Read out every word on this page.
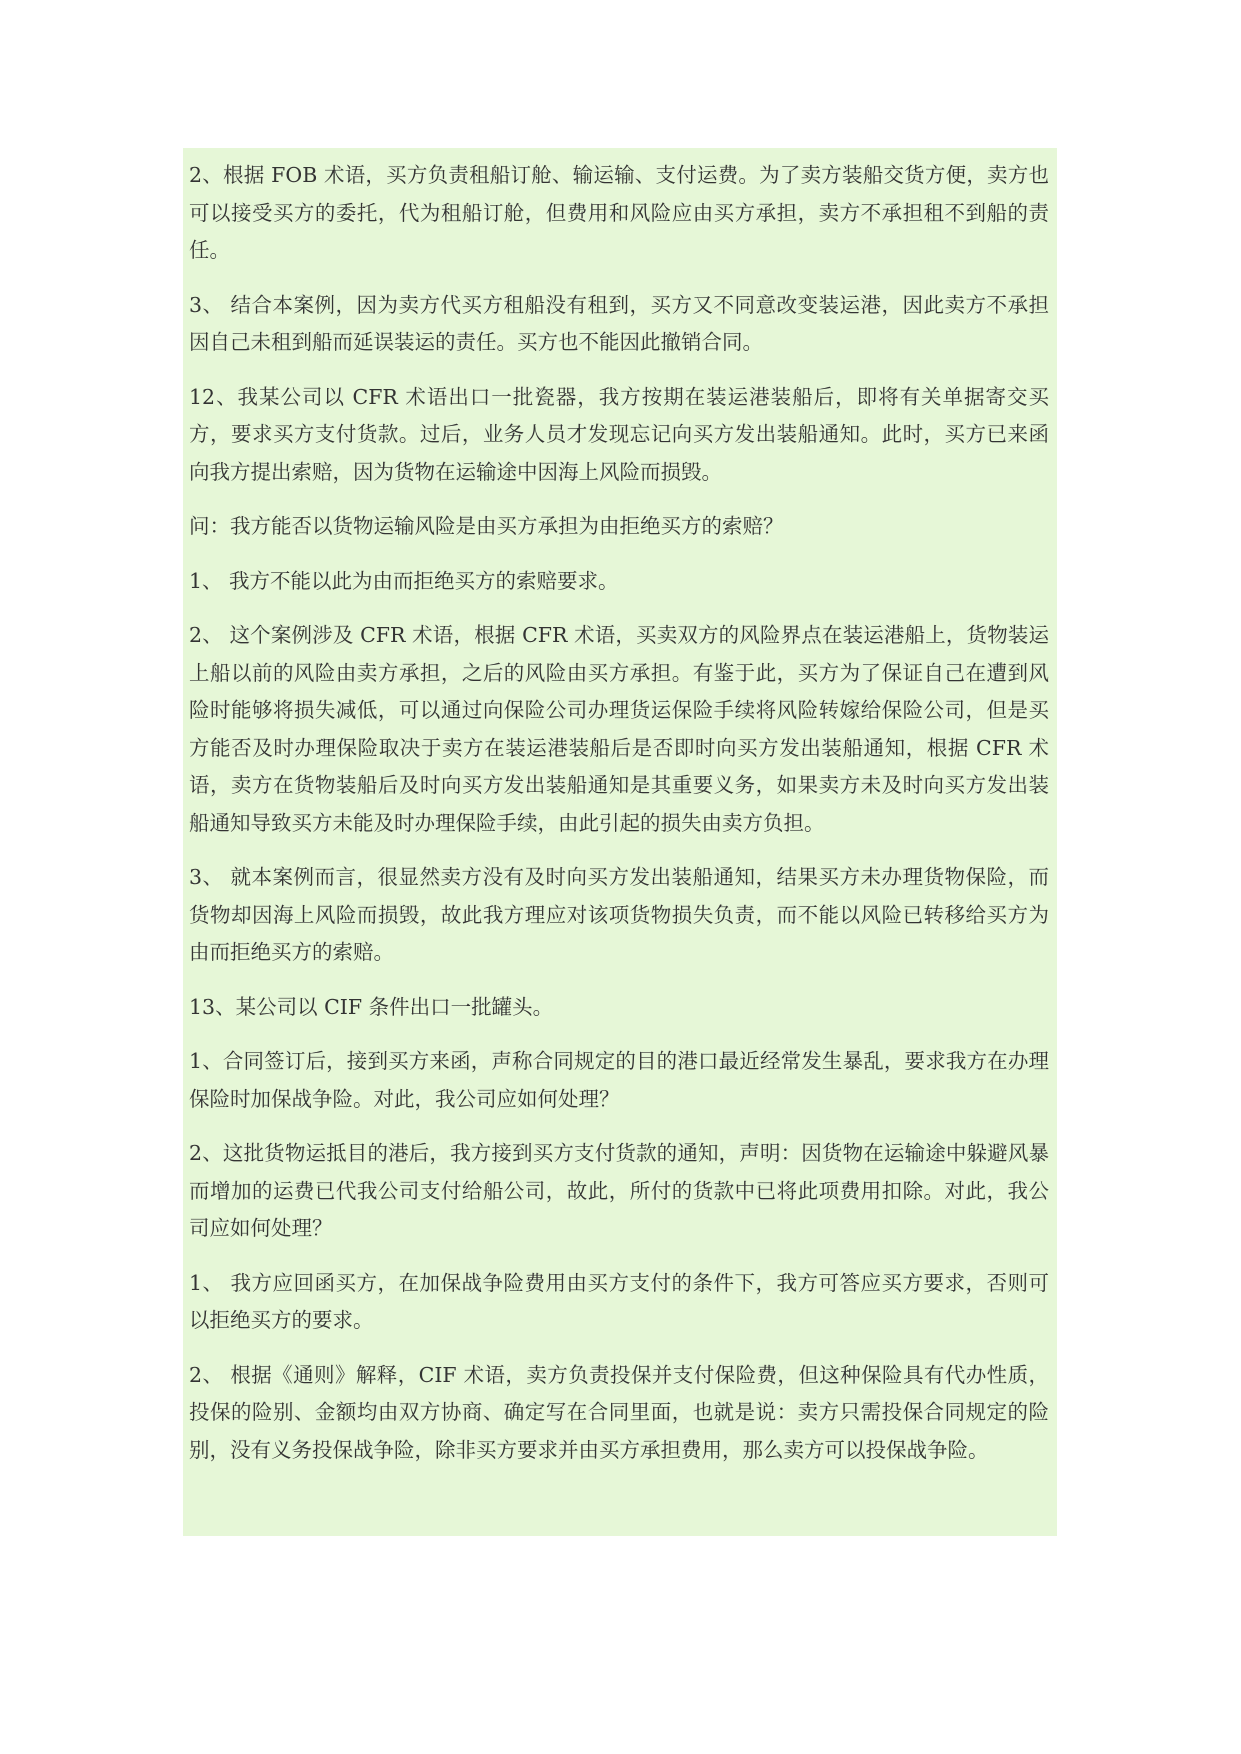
2、根据 FOB 术语，买方负责租船订舱、输运输、支付运费。为了卖方装船交货方便，卖方也可以接受买方的委托，代为租船订舱，但费用和风险应由买方承担，卖方不承担租不到船的责任。

3、 结合本案例，因为卖方代买方租船没有租到，买方又不同意改变装运港，因此卖方不承担因自己未租到船而延误装运的责任。买方也不能因此撤销合同。

12、我某公司以 CFR 术语出口一批瓷器，我方按期在装运港装船后，即将有关单据寄交买方，要求买方支付货款。过后，业务人员才发现忘记向买方发出装船通知。此时，买方已来函向我方提出索赔，因为货物在运输途中因海上风险而损毁。

问：我方能否以货物运输风险是由买方承担为由拒绝买方的索赔？

1、 我方不能以此为由而拒绝买方的索赔要求。

2、 这个案例涉及 CFR 术语，根据 CFR 术语，买卖双方的风险界点在装运港船上，货物装运上船以前的风险由卖方承担，之后的风险由买方承担。有鉴于此，买方为了保证自己在遭到风险时能够将损失减低，可以通过向保险公司办理货运保险手续将风险转嫁给保险公司，但是买方能否及时办理保险取决于卖方在装运港装船后是否即时向买方发出装船通知，根据 CFR 术语，卖方在货物装船后及时向买方发出装船通知是其重要义务，如果卖方未及时向买方发出装船通知导致买方未能及时办理保险手续，由此引起的损失由卖方负担。

3、 就本案例而言，很显然卖方没有及时向买方发出装船通知，结果买方未办理货物保险，而货物却因海上风险而损毁，故此我方理应对该项货物损失负责，而不能以风险已转移给买方为由而拒绝买方的索赔。

13、某公司以 CIF 条件出口一批罐头。

1、合同签订后，接到买方来函，声称合同规定的目的港口最近经常发生暴乱，要求我方在办理保险时加保战争险。对此，我公司应如何处理？

2、这批货物运抵目的港后，我方接到买方支付货款的通知，声明：因货物在运输途中躲避风暴而增加的运费已代我公司支付给船公司，故此，所付的货款中已将此项费用扣除。对此，我公司应如何处理？

1、 我方应回函买方，在加保战争险费用由买方支付的条件下，我方可答应买方要求，否则可以拒绝买方的要求。

2、 根据《通则》解释，CIF 术语，卖方负责投保并支付保险费，但这种保险具有代办性质，投保的险别、金额均由双方协商、确定写在合同里面，也就是说：卖方只需投保合同规定的险别，没有义务投保战争险，除非买方要求并由买方承担费用，那么卖方可以投保战争险。
